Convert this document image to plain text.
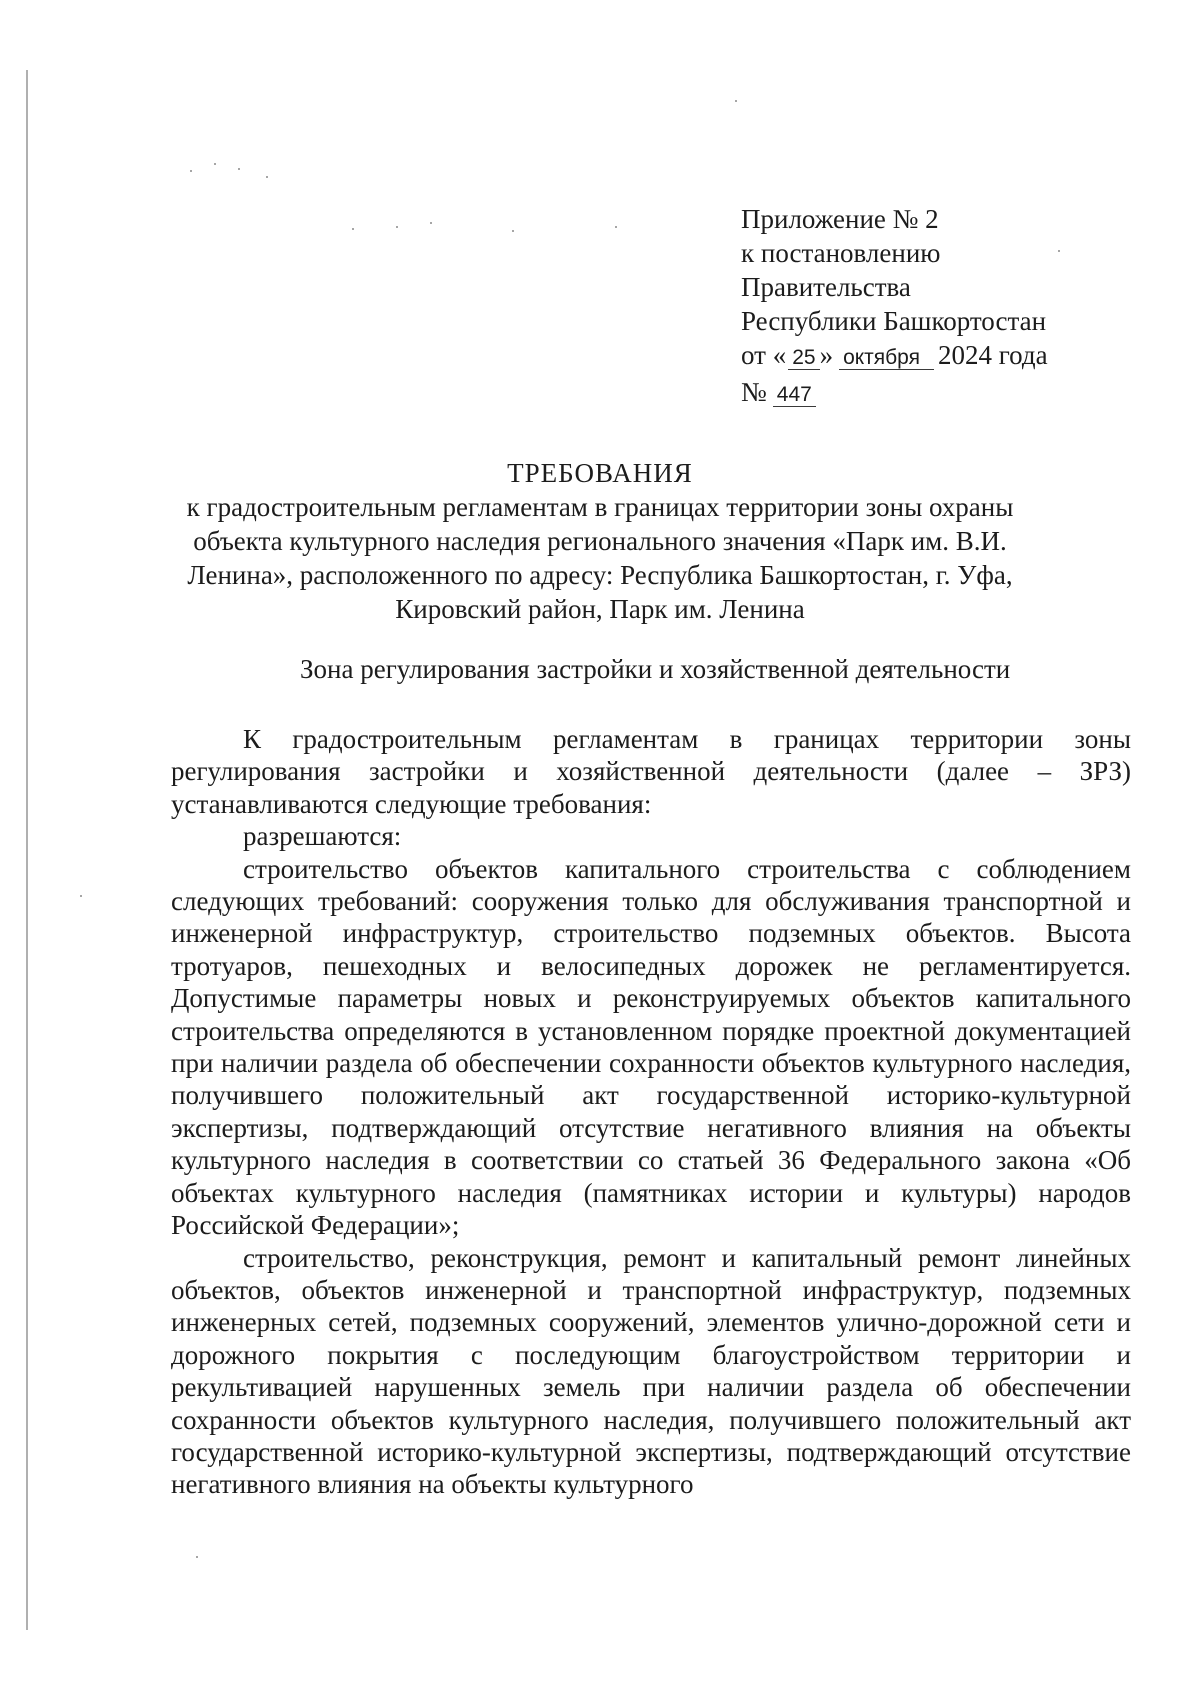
Приложение № 2
к постановлению
Правительства
Республики Башкортостан
от « 25 » октября 2024 года
№ 447
ТРЕБОВАНИЯ
к градостроительным регламентам в границах территории зоны охраны объекта культурного наследия регионального значения «Парк им. В.И. Ленина», расположенного по адресу: Республика Башкортостан, г. Уфа, Кировский район, Парк им. Ленина
Зона регулирования застройки и хозяйственной деятельности

К градостроительным регламентам в границах территории зоны регулирования застройки и хозяйственной деятельности (далее – ЗРЗ) устанавливаются следующие требования:

разрешаются:

строительство объектов капитального строительства с соблюдением следующих требований: сооружения только для обслуживания транспортной и инженерной инфраструктур, строительство подземных объектов. Высота тротуаров, пешеходных и велосипедных дорожек не регламентируется. Допустимые параметры новых и реконструируемых объектов капитального строительства определяются в установленном порядке проектной документацией при наличии раздела об обеспечении сохранности объектов культурного наследия, получившего положительный акт государственной историко-культурной экспертизы, подтверждающий отсутствие негативного влияния на объекты культурного наследия в соответствии со статьей 36 Федерального закона «Об объектах культурного наследия (памятниках истории и культуры) народов Российской Федерации»;

строительство, реконструкция, ремонт и капитальный ремонт линейных объектов, объектов инженерной и транспортной инфраструктур, подземных инженерных сетей, подземных сооружений, элементов улично-дорожной сети и дорожного покрытия с последующим благоустройством территории и рекультивацией нарушенных земель при наличии раздела об обеспечении сохранности объектов культурного наследия, получившего положительный акт государственной историко-культурной экспертизы, подтверждающий отсутствие негативного влияния на объекты культурного
